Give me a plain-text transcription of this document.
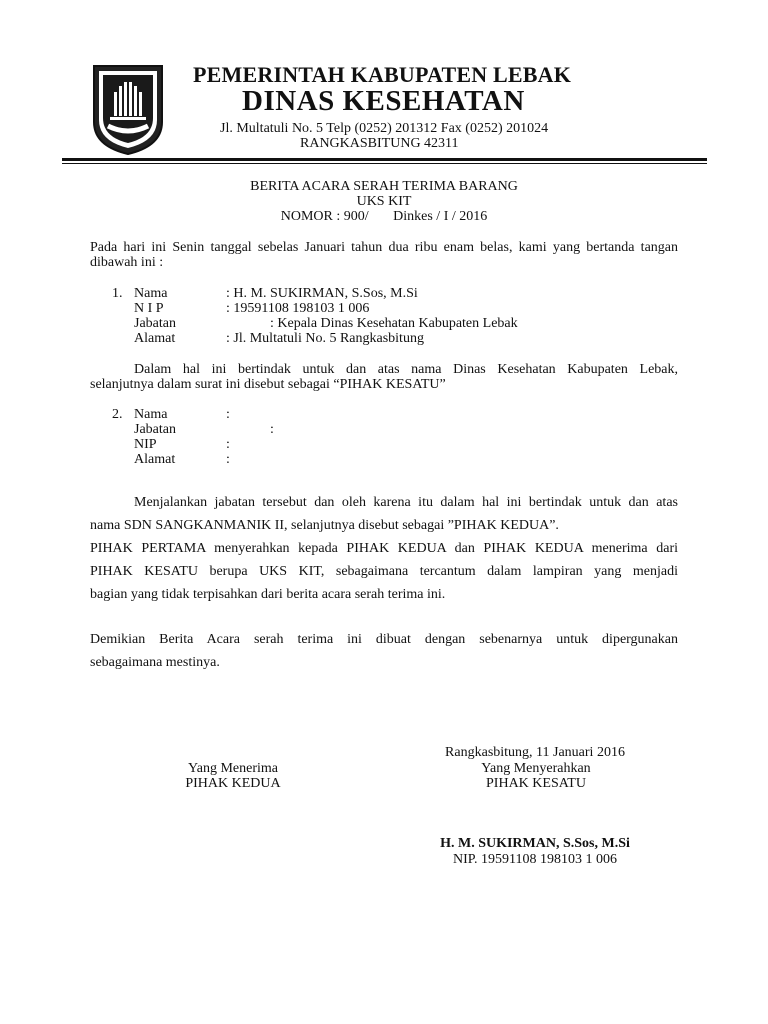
PEMERINTAH KABUPATEN LEBAK
DINAS KESEHATAN
Jl. Multatuli No. 5 Telp (0252) 201312 Fax (0252) 201024
RANGKASBITUNG 42311
BERITA ACARA SERAH TERIMA BARANG
UKS KIT
NOMOR : 900/       Dinkes / I / 2016
Pada hari ini Senin tanggal sebelas Januari tahun dua ribu enam belas, kami yang bertanda tangan
dibawah ini :
1. Nama	: H. M. SUKIRMAN, S.Sos, M.Si
N I P	: 19591108 198103 1 006
Jabatan	: Kepala Dinas Kesehatan Kabupaten Lebak
Alamat	: Jl. Multatuli No. 5 Rangkasbitung
Dalam hal ini bertindak untuk dan atas nama Dinas Kesehatan Kabupaten Lebak,
selanjutnya dalam surat ini disebut sebagai “PIHAK KESATU”
2. Nama	:
Jabatan	:
NIP	:
Alamat	:
Menjalankan jabatan tersebut dan oleh karena itu dalam hal ini bertindak untuk dan atas
nama SDN SANGKANMANIK II, selanjutnya disebut sebagai ”PIHAK KEDUA”.
PIHAK PERTAMA menyerahkan kepada PIHAK KEDUA dan PIHAK KEDUA menerima dari
PIHAK KESATU berupa UKS KIT, sebagaimana tercantum dalam lampiran yang menjadi
bagian yang tidak terpisahkan dari berita acara serah terima ini.
Demikian Berita Acara serah terima ini dibuat dengan sebenarnya untuk dipergunakan
sebagaimana mestinya.
Rangkasbitung, 11 Januari 2016
Yang Menerima
PIHAK KEDUA
Yang Menyerahkan
PIHAK KESATU
H. M. SUKIRMAN, S.Sos, M.Si
NIP. 19591108 198103 1 006
